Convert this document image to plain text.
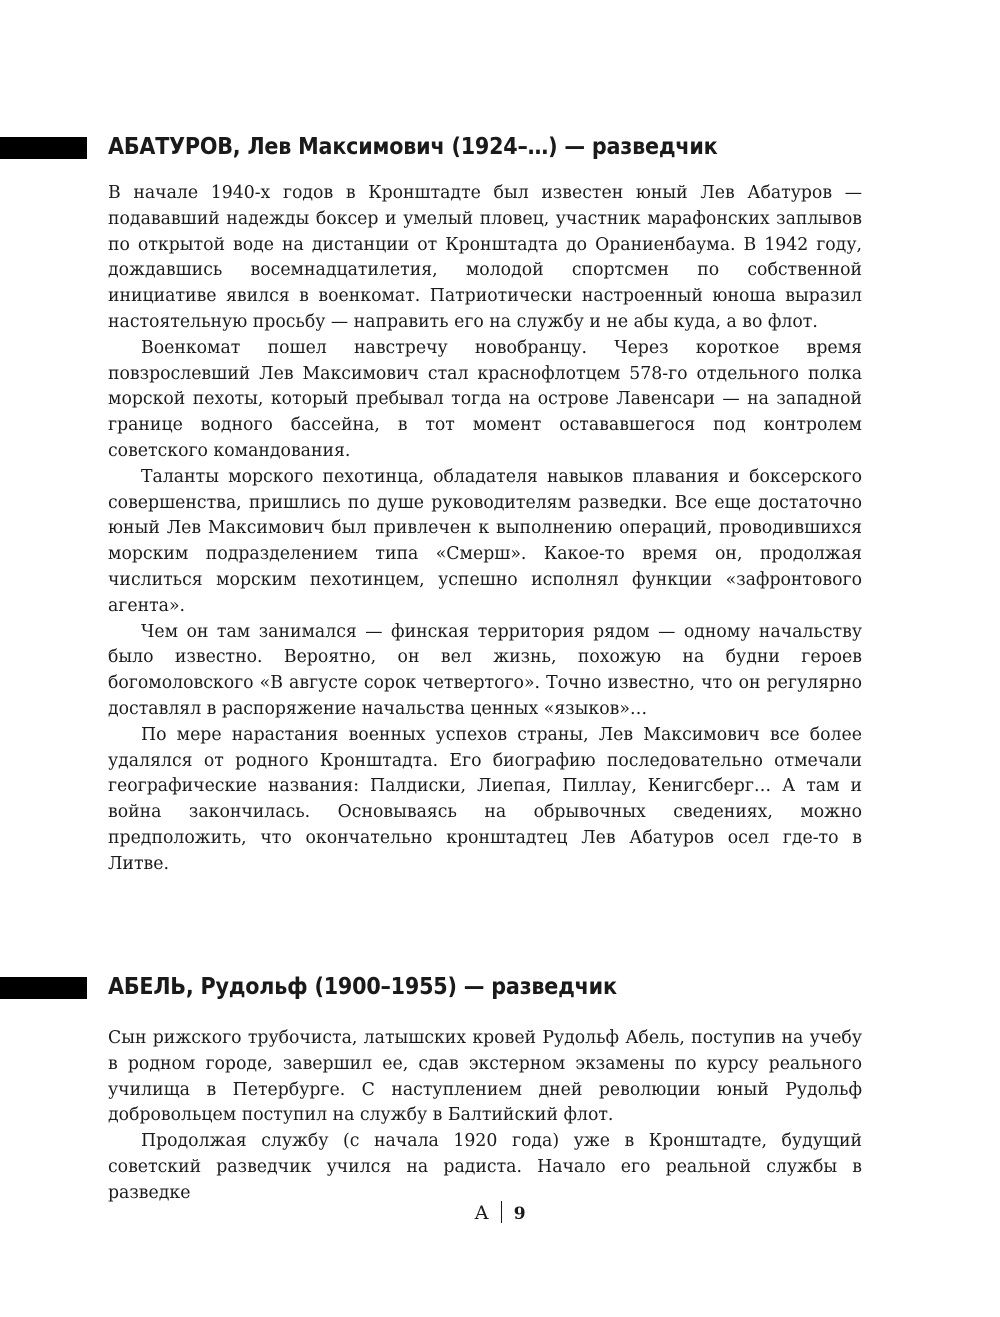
АБАТУРОВ, Лев Максимович (1924–…) — разведчик

В начале 1940-х годов в Кронштадте был известен юный Лев Абатуров — подававший надежды боксер и умелый пловец, участник марафонских заплывов по открытой воде на дистанции от Кронштадта до Ораниенбаума. В 1942 году, дождавшись восемнадцатилетия, молодой спортсмен по собственной инициативе явился в военкомат. Патриотически настроенный юноша выразил настоятельную просьбу — направить его на службу и не абы куда, а во флот.

Военкомат пошел навстречу новобранцу. Через короткое время повзрослевший Лев Максимович стал краснофлотцем 578-го отдельного полка морской пехоты, который пребывал тогда на острове Лавенсари — на западной границе водного бассейна, в тот момент остававшегося под контролем советского командования.

Таланты морского пехотинца, обладателя навыков плавания и боксерского совершенства, пришлись по душе руководителям разведки. Все еще достаточно юный Лев Максимович был привлечен к выполнению операций, проводившихся морским подразделением типа «Смерш». Какое-то время он, продолжая числиться морским пехотинцем, успешно исполнял функции «зафронтового агента».

Чем он там занимался — финская территория рядом — одному начальству было известно. Вероятно, он вел жизнь, похожую на будни героев богомоловского «В августе сорок четвертого». Точно известно, что он регулярно доставлял в распоряжение начальства ценных «языков»…

По мере нарастания военных успехов страны, Лев Максимович все более удалялся от родного Кронштадта. Его биографию последовательно отмечали географические названия: Палдиски, Лиепая, Пиллау, Кенигсберг… А там и война закончилась. Основываясь на обрывочных сведениях, можно предположить, что окончательно кронштадтец Лев Абатуров осел где-то в Литве.

АБЕЛЬ, Рудольф (1900–1955) — разведчик

Сын рижского трубочиста, латышских кровей Рудольф Абель, поступив на учебу в родном городе, завершил ее, сдав экстерном экзамены по курсу реального училища в Петербурге. С наступлением дней революции юный Рудольф добровольцем поступил на службу в Балтийский флот.

Продолжая службу (с начала 1920 года) уже в Кронштадте, будущий советский разведчик учился на радиста. Начало его реальной службы в разведке

А 9
